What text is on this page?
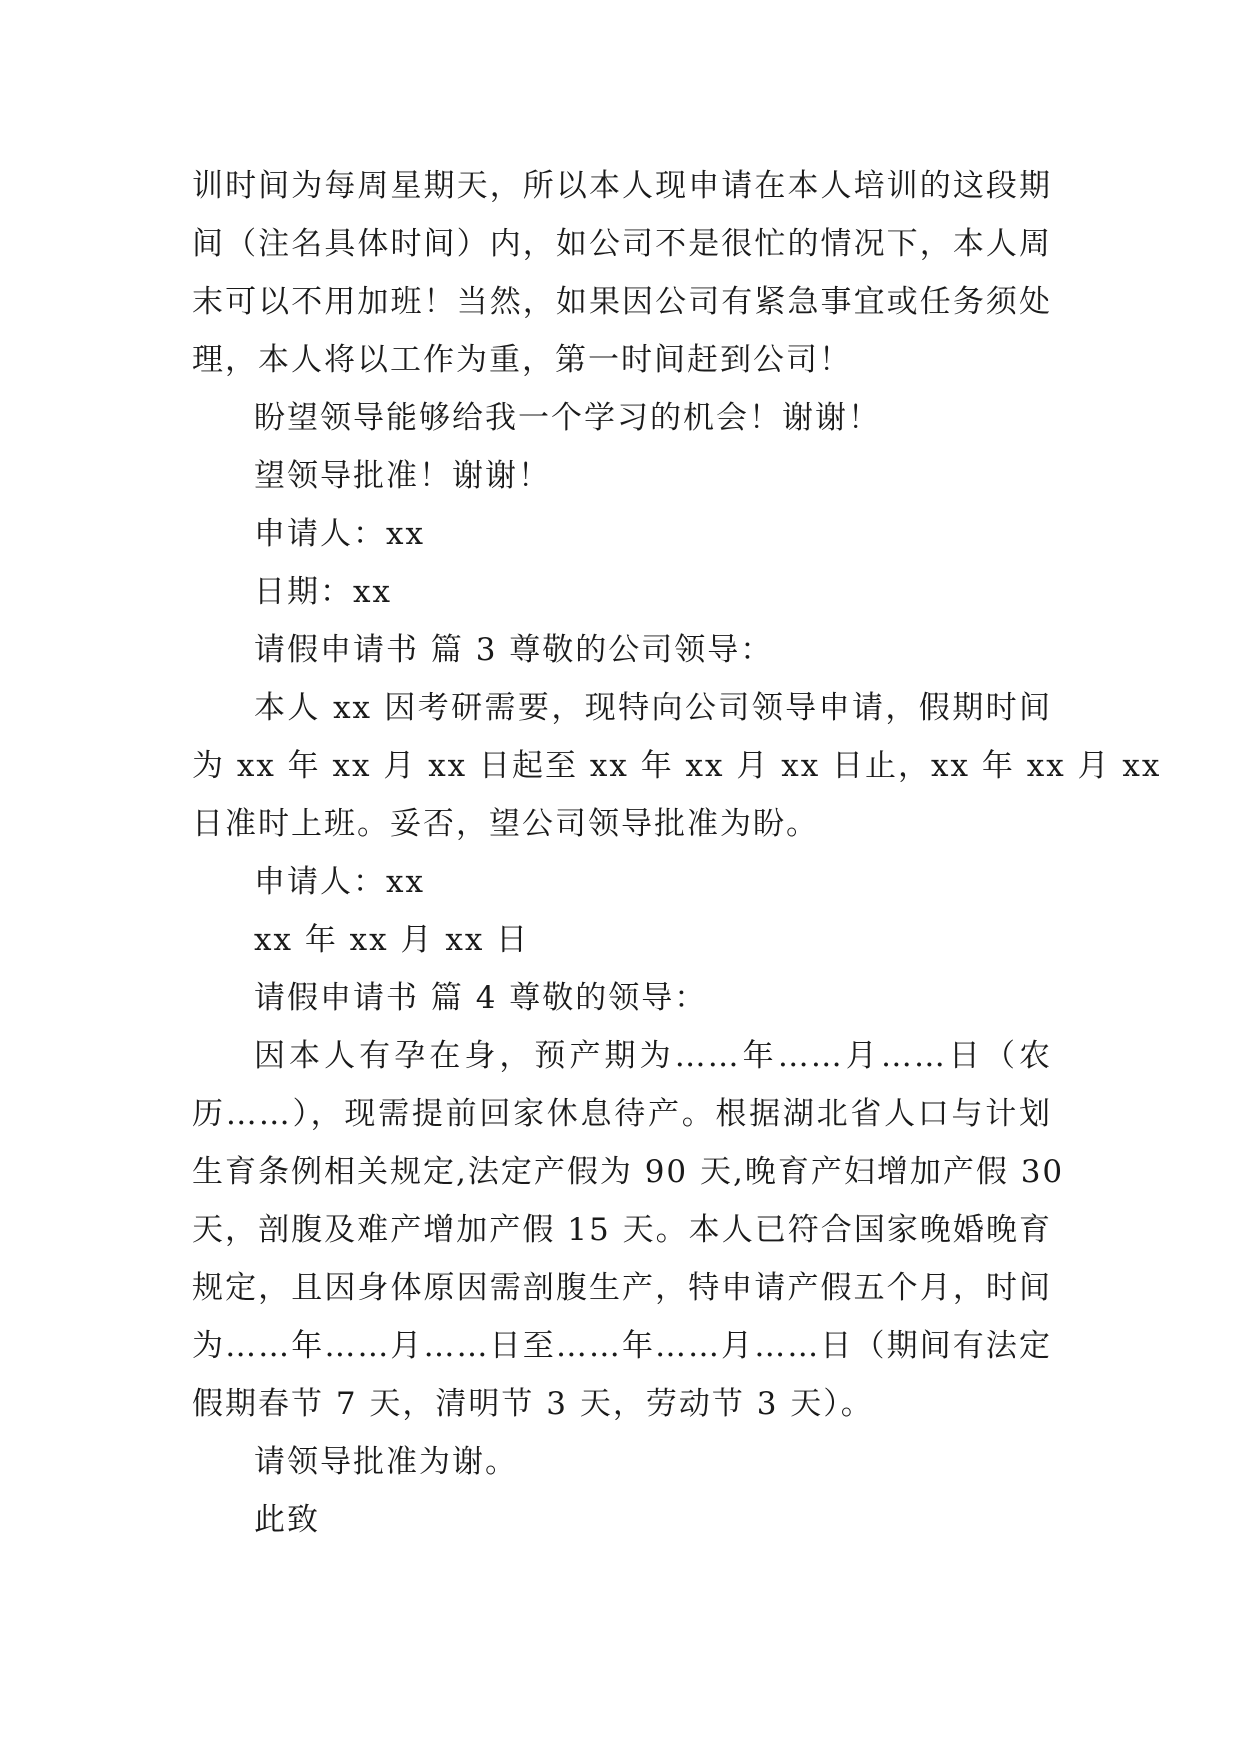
训时间为每周星期天，所以本人现申请在本人培训的这段期
间（注名具体时间）内，如公司不是很忙的情况下，本人周
末可以不用加班！当然，如果因公司有紧急事宜或任务须处
理，本人将以工作为重，第一时间赶到公司！
盼望领导能够给我一个学习的机会！谢谢！
望领导批准！谢谢！
申请人：xx
日期：xx
请假申请书 篇 3 尊敬的公司领导：
本人 xx 因考研需要，现特向公司领导申请，假期时间
为 xx 年 xx 月 xx 日起至 xx 年 xx 月 xx 日止，xx 年 xx 月 xx
日准时上班。妥否，望公司领导批准为盼。
申请人：xx
xx 年 xx 月 xx 日
请假申请书 篇 4 尊敬的领导：
因本人有孕在身，预产期为……年……月……日（农
历……），现需提前回家休息待产。根据湖北省人口与计划
生育条例相关规定,法定产假为 90 天,晚育产妇增加产假 30
天，剖腹及难产增加产假 15 天。本人已符合国家晚婚晚育
规定，且因身体原因需剖腹生产，特申请产假五个月，时间
为……年……月……日至……年……月……日（期间有法定
假期春节 7 天，清明节 3 天，劳动节 3 天）。
请领导批准为谢。
此致
